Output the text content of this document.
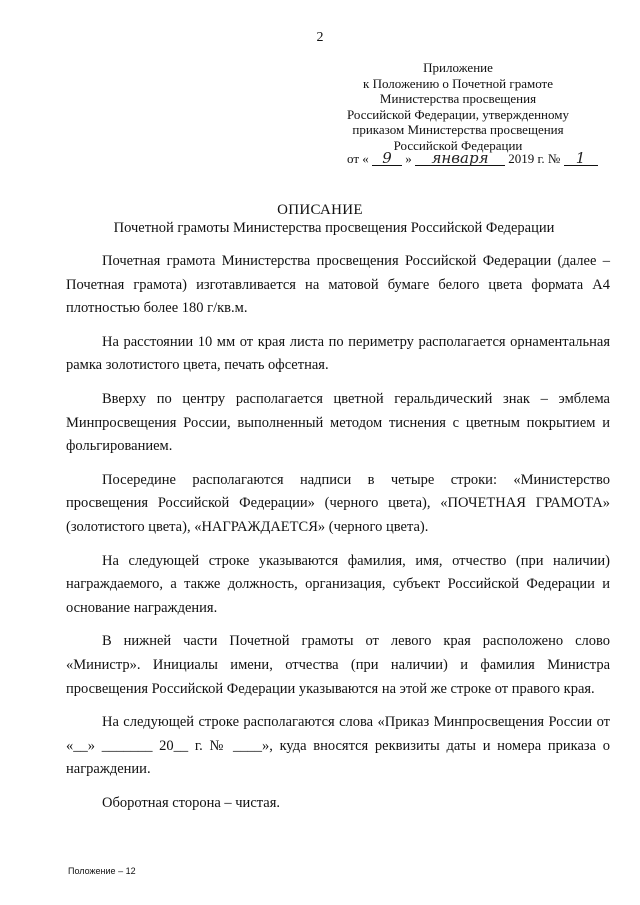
2
Приложение
к Положению о Почетной грамоте
Министерства просвещения
Российской Федерации, утвержденному
приказом Министерства просвещения
Российской Федерации
от « 9 » января 2019 г. № 1
ОПИСАНИЕ
Почетной грамоты Министерства просвещения Российской Федерации

Почетная грамота Министерства просвещения Российской Федерации (далее – Почетная грамота) изготавливается на матовой бумаге белого цвета формата А4 плотностью более 180 г/кв.м.

На расстоянии 10 мм от края листа по периметру располагается орнаментальная рамка золотистого цвета, печать офсетная.

Вверху по центру располагается цветной геральдический знак – эмблема Минпросвещения России, выполненный методом тиснения с цветным покрытием и фольгированием.

Посередине располагаются надписи в четыре строки: «Министерство просвещения Российской Федерации» (черного цвета), «ПОЧЕТНАЯ ГРАМОТА» (золотистого цвета), «НАГРАЖДАЕТСЯ» (черного цвета).

На следующей строке указываются фамилия, имя, отчество (при наличии) награждаемого, а также должность, организация, субъект Российской Федерации и основание награждения.

В нижней части Почетной грамоты от левого края расположено слово «Министр». Инициалы имени, отчества (при наличии) и фамилия Министра просвещения Российской Федерации указываются на этой же строке от правого края.

На следующей строке располагаются слова «Приказ Минпросвещения России от «__» _______ 20__ г. № ____», куда вносятся реквизиты даты и номера приказа о награждении.

Оборотная сторона – чистая.

Положение – 12
